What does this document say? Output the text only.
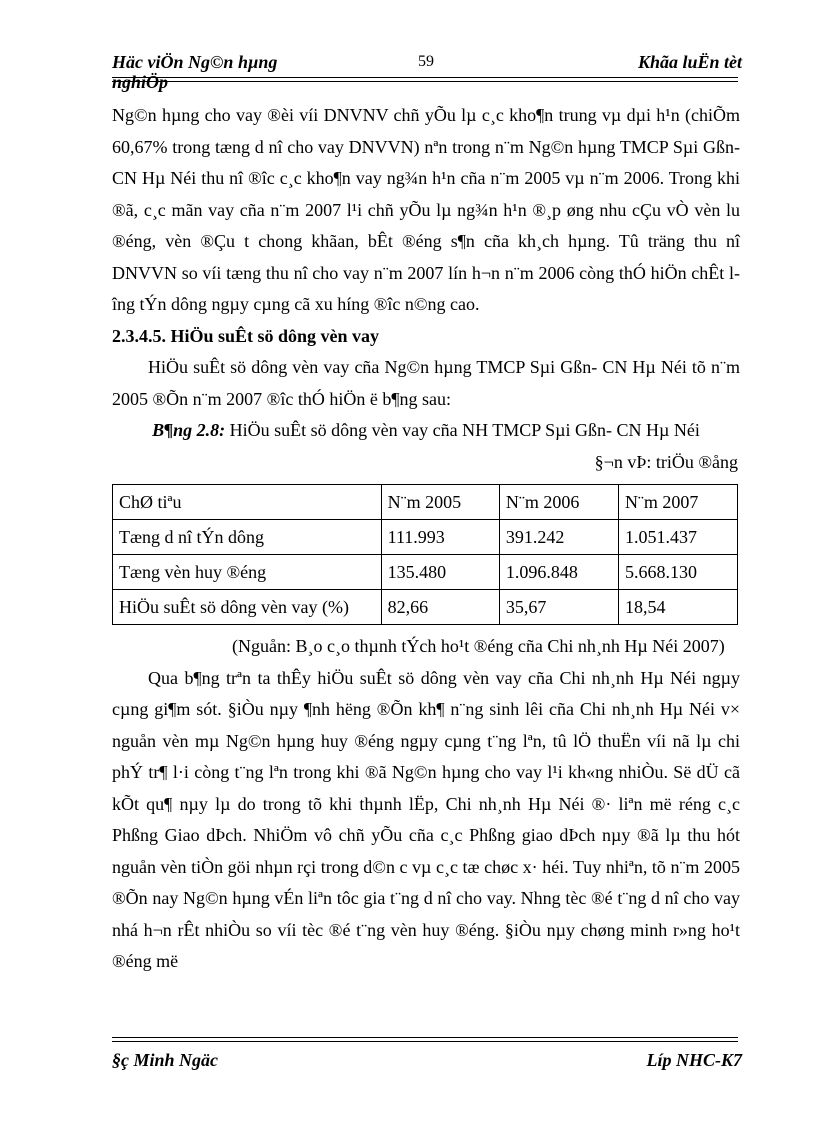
Häc viÖn Ng©n hµng
nghiÖp
59	Khãa luËn tèt

Ng©n hµng cho vay ®èi víi DNVNV chñ yÕu lµ c¸c kho¶n trung vµ dµi h¹n (chiÕm 60,67% trong tæng d nî cho vay DNVVN) nªn trong n¨m Ng©n hµng TMCP Sµi Gßn- CN Hµ Néi thu nî ®îc c¸c kho¶n vay ng¾n h¹n cña n¨m 2005 vµ n¨m 2006. Trong khi ®ã, c¸c mãn vay cña n¨m 2007 l¹i chñ yÕu lµ ng¾n h¹n ®¸p øng nhu cÇu vÒ vèn lu ®éng, vèn ®Çu t chong khãan, bÊt ®éng s¶n cña kh¸ch hµng. Tû träng thu nî DNVVN so víi tæng thu nî cho vay n¨m 2007 lín h¬n n¨m 2006 còng thÓ hiÖn chÊt lîng tÝn dông ngµy cµng cã xu híng ®îc n©ng cao.

2.3.4.5. HiÖu suÊt sö dông vèn vay

HiÖu suÊt sö dông vèn vay cña Ng©n hµng TMCP Sµi Gßn- CN Hµ Néi tõ n¨m 2005 ®Õn n¨m 2007 ®îc thÓ hiÖn ë b¶ng sau:

B¶ng 2.8: HiÖu suÊt sö dông vèn vay cña NH TMCP Sµi Gßn- CN Hµ Néi

§¬n vÞ: triÖu ®ång

ChØ tiªu	N¨m 2005	N¨m 2006	N¨m 2007
Tæng d nî tÝn dông	111.993	391.242	1.051.437
Tæng vèn huy ®éng	135.480	1.096.848	5.668.130
HiÖu suÊt sö dông vèn vay (%)	82,66	35,67	18,54

(Nguån: B¸o c¸o thµnh tÝch ho¹t ®éng cña Chi nh¸nh Hµ Néi 2007)

Qua b¶ng trªn ta thÊy hiÖu suÊt sö dông vèn vay cña Chi nh¸nh Hµ Néi ngµy cµng gi¶m sót. §iÒu nµy ¶nh hëng ®Õn kh¶ n¨ng sinh lêi cña Chi nh¸nh Hµ Néi v× nguån vèn mµ Ng©n hµng huy ®éng ngµy cµng t¨ng lªn, tû lÖ thuËn víi nã lµ chi phÝ tr¶ l·i còng t¨ng lªn trong khi ®ã Ng©n hµng cho vay l¹i kh«ng nhiÒu. Së dÜ cã kÕt qu¶ nµy lµ do trong tõ khi thµnh lËp, Chi nh¸nh Hµ Néi ®· liªn më réng c¸c Phßng Giao dÞch. NhiÖm vô chñ yÕu cña c¸c Phßng giao dÞch nµy ®ã lµ thu hót nguån vèn tiÒn göi nhµn rçi trong d©n c vµ c¸c tæ chøc x· héi. Tuy nhiªn, tõ n¨m 2005 ®Õn nay Ng©n hµng vÉn liªn tôc gia t¨ng d nî cho vay. Nhng tèc ®é t¨ng d nî cho vay nhá h¬n rÊt nhiÒu so víi tèc ®é t¨ng vèn huy ®éng. §iÒu nµy chøng minh r»ng ho¹t ®éng më

§ç Minh Ngäc	Líp NHC-K7
